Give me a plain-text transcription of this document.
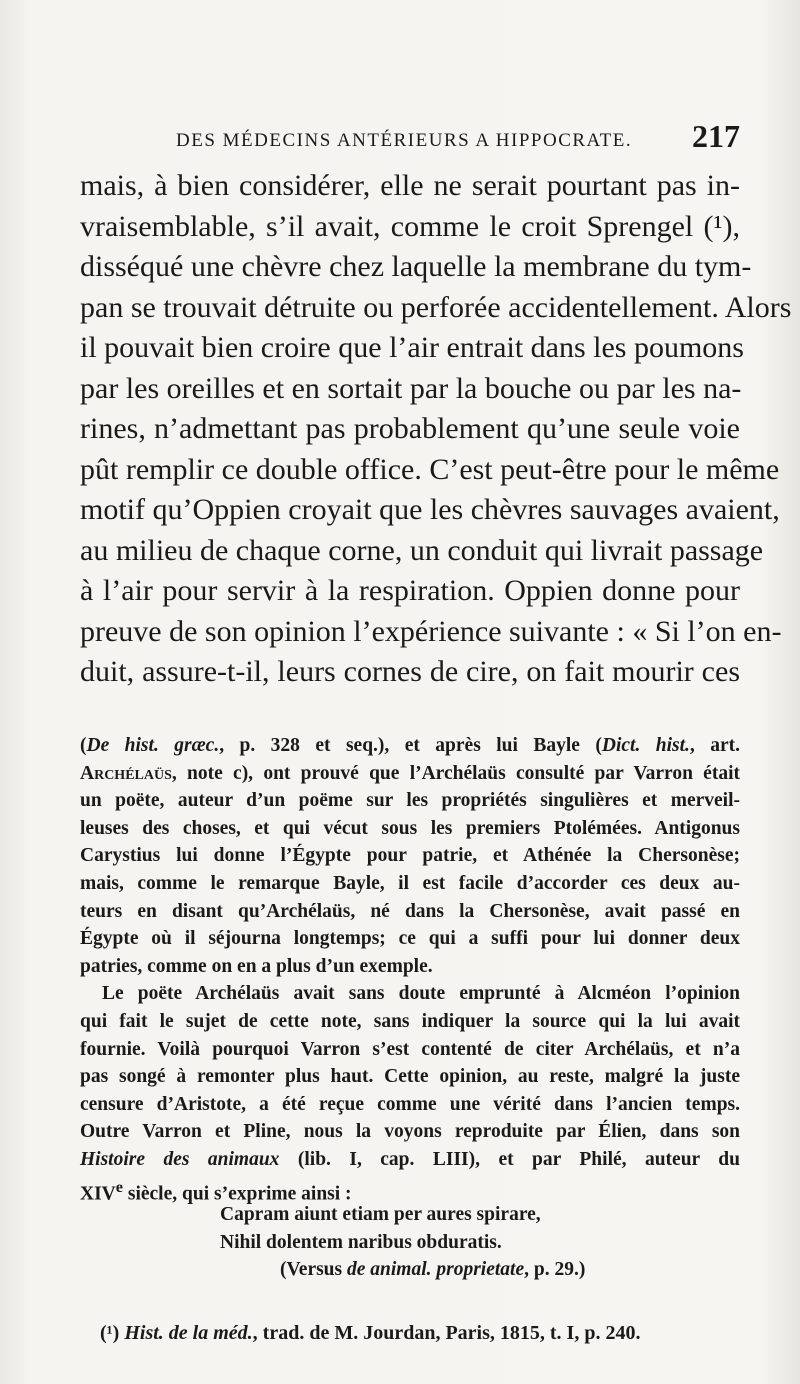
DES MÉDECINS ANTÉRIEURS A HIPPOCRATE. 217
mais, à bien considérer, elle ne serait pourtant pas in-
vraisemblable, s’il avait, comme le croit Sprengel (¹),
disséqué une chèvre chez laquelle la membrane du tym-
pan se trouvait détruite ou perforée accidentellement. Alors
il pouvait bien croire que l’air entrait dans les poumons
par les oreilles et en sortait par la bouche ou par les na-
rines, n’admettant pas probablement qu’une seule voie
pût remplir ce double office. C’est peut-être pour le même
motif qu’Oppien croyait que les chèvres sauvages avaient,
au milieu de chaque corne, un conduit qui livrait passage
à l’air pour servir à la respiration. Oppien donne pour
preuve de son opinion l’expérience suivante : « Si l’on en-
duit, assure-t-il, leurs cornes de cire, on fait mourir ces
(De hist. græc., p. 328 et seq.), et après lui Bayle (Dict. hist., art.
Archélaüs, note c), ont prouvé que l’Archélaüs consulté par Varron était
un poëte, auteur d’un poëme sur les propriétés singulières et merveil-
leuses des choses, et qui vécut sous les premiers Ptolémées. Antigonus
Carystius lui donne l’Égypte pour patrie, et Athénée la Chersonèse;
mais, comme le remarque Bayle, il est facile d’accorder ces deux au-
teurs en disant qu’Archélaüs, né dans la Chersonèse, avait passé en
Égypte où il séjourna longtemps; ce qui a suffi pour lui donner deux
patries, comme on en a plus d’un exemple.
Le poëte Archélaüs avait sans doute emprunté à Alcméon l’opinion
qui fait le sujet de cette note, sans indiquer la source qui la lui avait
fournie. Voilà pourquoi Varron s’est contenté de citer Archélaüs, et n’a
pas songé à remonter plus haut. Cette opinion, au reste, malgré la juste
censure d’Aristote, a été reçue comme une vérité dans l’ancien temps.
Outre Varron et Pline, nous la voyons reproduite par Élien, dans son
Histoire des animaux (lib. I, cap. LIII), et par Philé, auteur du
XIVe siècle, qui s’exprime ainsi :
Capram aiunt etiam per aures spirare,
Nihil dolentem naribus obduratis.
(Versus de animal. proprietate, p. 29.)
(¹) Hist. de la méd., trad. de M. Jourdan, Paris, 1815, t. I, p. 240.
